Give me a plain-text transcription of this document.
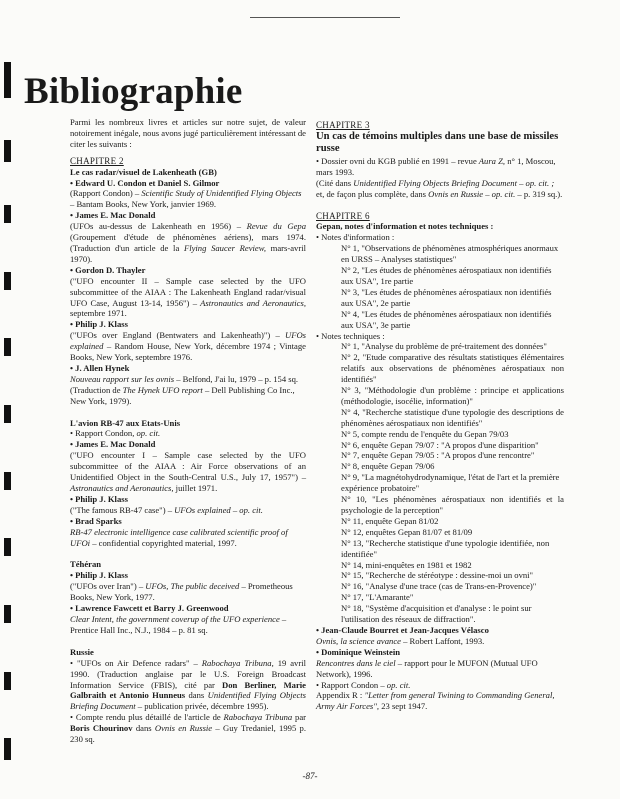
Bibliographie

Parmi les nombreux livres et articles sur notre sujet, de valeur notoirement inégale, nous avons jugé particulièrement intéressant de citer les suivants :

CHAPITRE 2

Le cas radar/visuel de Lakenheath (GB)

• Edward U. Condon et Daniel S. Gilmor

(Rapport Condon) – Scientific Study of Unidentified Flying Objects – Bantam Books, New York, janvier 1969.

• James E. Mac Donald

(UFOs au-dessus de Lakenheath en 1956) – Revue du Gepa (Groupement d'étude de phénomènes aériens), mars 1974. (Traduction d'un article de la Flying Saucer Review, mars-avril 1970).

• Gordon D. Thayler

("UFO encounter II – Sample case selected by the UFO subcommittee of the AIAA : The Lakenheath England radar/visual UFO Case, August 13-14, 1956") – Astronautics and Aeronautics, septembre 1971.

• Philip J. Klass

("UFOs over England (Bentwaters and Lakenheath)") – UFOs explained – Random House, New York, décembre 1974 ; Vintage Books, New York, septembre 1976.

• J. Allen Hynek

Nouveau rapport sur les ovnis – Belfond, J'ai lu, 1979 – p. 154 sq. (Traduction de The Hynek UFO report – Dell Publishing Co Inc., New York, 1979).

L'avion RB-47 aux Etats-Unis

• Rapport Condon, op. cit.

• James E. Mac Donald

("UFO encounter I – Sample case selected by the UFO subcommittee of the AIAA : Air Force observations of an Unidentified Object in the South-Central U.S., July 17, 1957") – Astronautics and Aeronautics, juillet 1971.

• Philip J. Klass

("The famous RB-47 case") – UFOs explained – op. cit.

• Brad Sparks

RB-47 electronic intelligence case calibrated scientific proof of UFOi – confidential copyrighted material, 1997.

Téhéran

• Philip J. Klass

("UFOs over Iran") – UFOs, The public deceived – Prometheous Books, New York, 1977.

• Lawrence Fawcett et Barry J. Greenwood

Clear Intent, the government coverup of the UFO experience – Prentice Hall Inc., N.J., 1984 – p. 81 sq.

Russie

• "UFOs on Air Defence radars" – Rabochaya Tribuna, 19 avril 1990. (Traduction anglaise par le U.S. Foreign Broadcast Information Service (FBIS), cité par Don Berliner, Marie Galbraith et Antonio Hunneus dans Unidentified Flying Objects Briefing Document – publication privée, décembre 1995).

• Compte rendu plus détaillé de l'article de Rabochaya Tribuna par Boris Chourinov dans Ovnis en Russie – Guy Tredaniel, 1995 p. 230 sq.

CHAPITRE 3

Un cas de témoins multiples dans une base de missiles russe

• Dossier ovni du KGB publié en 1991 – revue Aura Z, n° 1, Moscou, mars 1993.

(Cité dans Unidentified Flying Objects Briefing Document – op. cit. ; et, de façon plus complète, dans Ovnis en Russie – op. cit. – p. 319 sq.).

CHAPITRE 6

Gepan, notes d'information et notes techniques :

• Notes d'information :

N° 1, "Observations de phénomènes atmosphériques anormaux en URSS – Analyses statistiques"

N° 2, "Les études de phénomènes aérospatiaux non identifiés aux USA", 1re partie

N° 3, "Les études de phénomènes aérospatiaux non identifiés aux USA", 2e partie

N° 4, "Les études de phénomènes aérospatiaux non identifiés aux USA", 3e partie

• Notes techniques :

N° 1, "Analyse du problème de pré-traitement des données"

N° 2, "Etude comparative des résultats statistiques élémentaires relatifs aux observations de phénomènes aérospatiaux non identifiés"

N° 3, "Méthodologie d'un problème : principe et applications (méthodologie, isocélie, information)"

N° 4, "Recherche statistique d'une typologie des descriptions de phénomènes aérospatiaux non identifiés"

N° 5, compte rendu de l'enquête du Gepan 79/03

N° 6, enquête Gepan 79/07 : "A propos d'une disparition"

N° 7, enquête Gepan 79/05 : "A propos d'une rencontre"

N° 8, enquête Gepan 79/06

N° 9, "La magnétohydrodynamique, l'état de l'art et la première expérience probatoire"

N° 10, "Les phénomènes aérospatiaux non identifiés et la psychologie de la perception"

N° 11, enquête Gepan 81/02

N° 12, enquêtes Gepan 81/07 et 81/09

N° 13, "Recherche statistique d'une typologie identifiée, non identifiée"

N° 14, mini-enquêtes en 1981 et 1982

N° 15, "Recherche de stéréotype : dessine-moi un ovni"

N° 16, "Analyse d'une trace (cas de Trans-en-Provence)"

N° 17, "L'Amarante"

N° 18, "Système d'acquisition et d'analyse : le point sur l'utilisation des réseaux de diffraction".

• Jean-Claude Bourret et Jean-Jacques Vélasco

Ovnis, la science avance – Robert Laffont, 1993.

• Dominique Weinstein

Rencontres dans le ciel – rapport pour le MUFON (Mutual UFO Network), 1996.

• Rapport Condon – op. cit.

Appendix R : "Letter from general Twining to Commanding General, Army Air Forces", 23 sept 1947.

-87-
